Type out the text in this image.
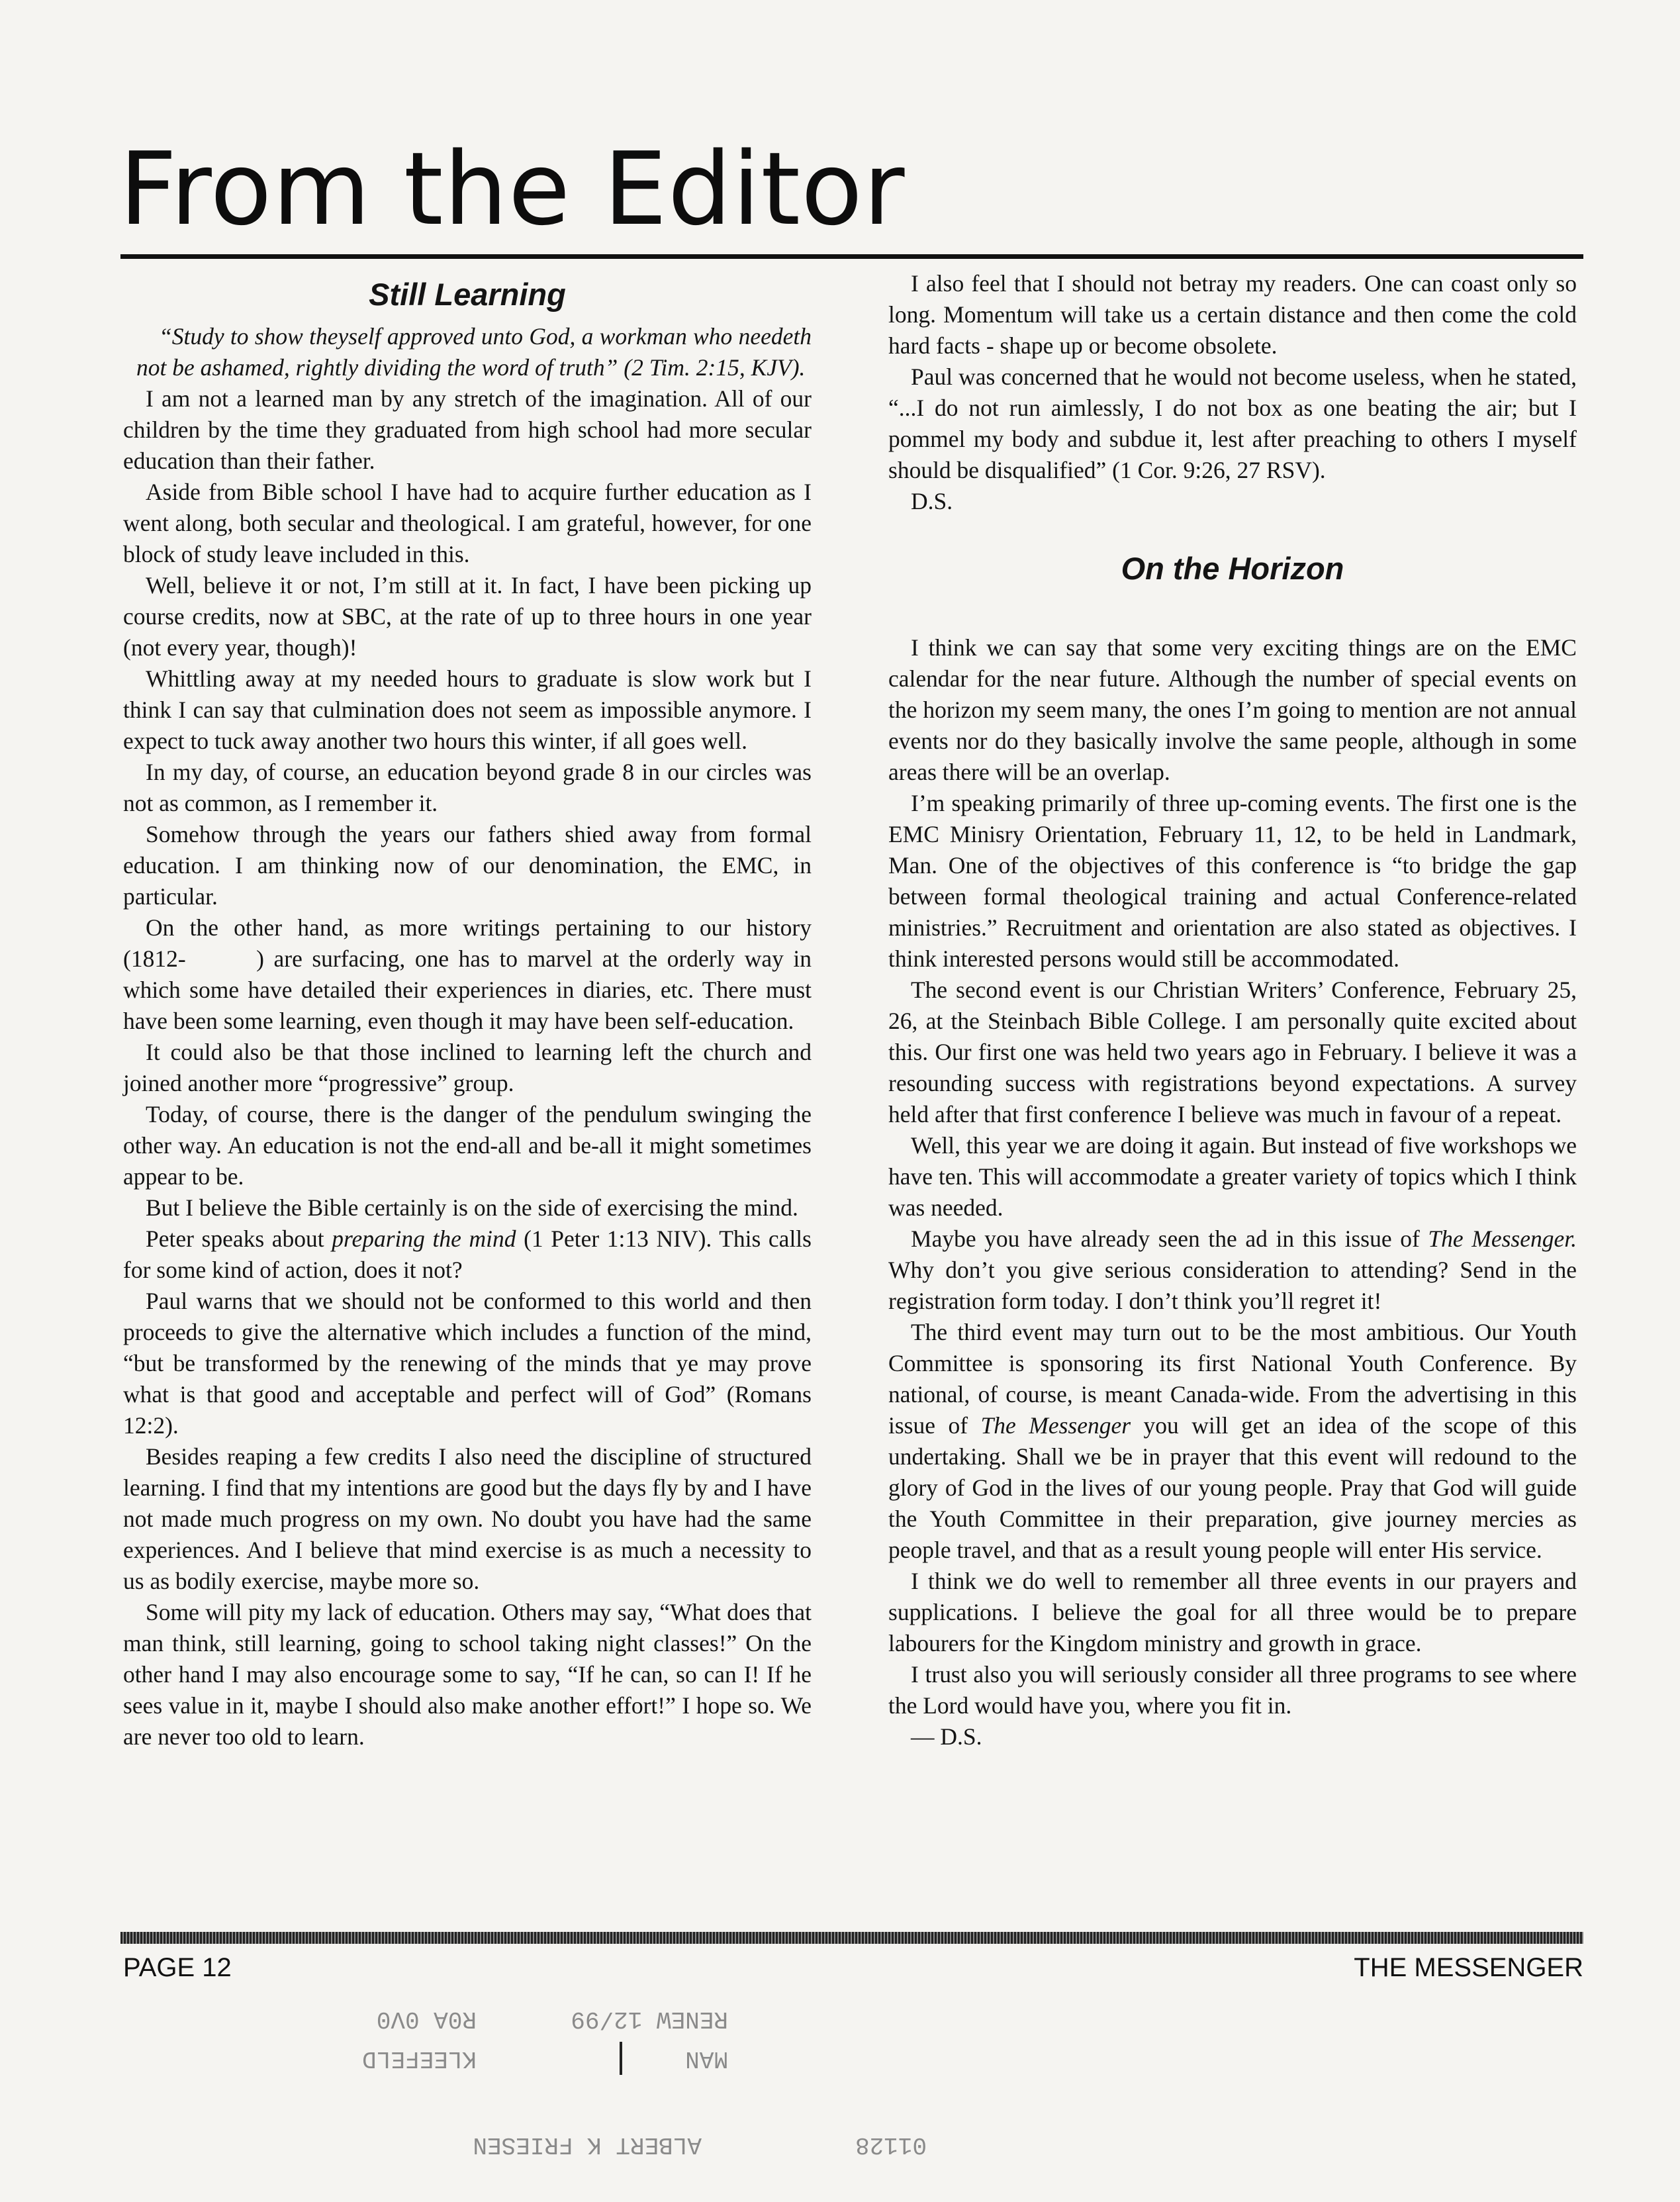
From the Editor
Still Learning

“Study to show theyself approved unto God, a workman who needeth not be ashamed, rightly dividing the word of truth” (2 Tim. 2:15, KJV).

I am not a learned man by any stretch of the imagination. All of our children by the time they graduated from high school had more secular education than their father.

Aside from Bible school I have had to acquire further education as I went along, both secular and theological. I am grateful, however, for one block of study leave included in this.

Well, believe it or not, I’m still at it. In fact, I have been picking up course credits, now at SBC, at the rate of up to three hours in one year (not every year, though)!

Whittling away at my needed hours to graduate is slow work but I think I can say that culmination does not seem as impossible anymore. I expect to tuck away another two hours this winter, if all goes well.

In my day, of course, an education beyond grade 8 in our circles was not as common, as I remember it.

Somehow through the years our fathers shied away from formal education. I am thinking now of our denomination, the EMC, in particular.

On the other hand, as more writings pertaining to our history (1812-   ) are surfacing, one has to marvel at the orderly way in which some have detailed their experiences in diaries, etc. There must have been some learning, even though it may have been self-education.

It could also be that those inclined to learning left the church and joined another more “progressive” group.

Today, of course, there is the danger of the pendulum swinging the other way. An education is not the end-all and be-all it might sometimes appear to be.

But I believe the Bible certainly is on the side of exercising the mind.

Peter speaks about preparing the mind (1 Peter 1:13 NIV). This calls for some kind of action, does it not?

Paul warns that we should not be conformed to this world and then proceeds to give the alternative which includes a function of the mind, “but be transformed by the renewing of the minds that ye may prove what is that good and acceptable and perfect will of God” (Romans 12:2).

Besides reaping a few credits I also need the discipline of structured learning. I find that my intentions are good but the days fly by and I have not made much progress on my own. No doubt you have had the same experiences. And I believe that mind exercise is as much a necessity to us as bodily exercise, maybe more so.

Some will pity my lack of education. Others may say, “What does that man think, still learning, going to school taking night classes!” On the other hand I may also encourage some to say, “If he can, so can I! If he sees value in it, maybe I should also make another effort!” I hope so. We are never too old to learn.

I also feel that I should not betray my readers. One can coast only so long. Momentum will take us a certain distance and then come the cold hard facts - shape up or become obsolete.

Paul was concerned that he would not become useless, when he stated, “...I do not run aimlessly, I do not box as one beating the air; but I pommel my body and subdue it, lest after preaching to others I myself should be disqualified” (1 Cor. 9:26, 27 RSV).

D.S.

On the Horizon

I think we can say that some very exciting things are on the EMC calendar for the near future. Although the number of special events on the horizon my seem many, the ones I’m going to mention are not annual events nor do they basically involve the same people, although in some areas there will be an overlap.

I’m speaking primarily of three up-coming events. The first one is the EMC Minisry Orientation, February 11, 12, to be held in Landmark, Man. One of the objectives of this conference is “to bridge the gap between formal theological training and actual Conference-related ministries.” Recruitment and orientation are also stated as objectives. I think interested persons would still be accommodated.

The second event is our Christian Writers’ Conference, February 25, 26, at the Steinbach Bible College. I am personally quite excited about this. Our first one was held two years ago in February. I believe it was a resounding success with registrations beyond expectations. A survey held after that first conference I believe was much in favour of a repeat.

Well, this year we are doing it again. But instead of five workshops we have ten. This will accommodate a greater variety of topics which I think was needed.

Maybe you have already seen the ad in this issue of The Messenger. Why don’t you give serious consideration to attending? Send in the registration form today. I don’t think you’ll regret it!

The third event may turn out to be the most ambitious. Our Youth Committee is sponsoring its first National Youth Conference. By national, of course, is meant Canada-wide. From the advertising in this issue of The Messenger you will get an idea of the scope of this undertaking. Shall we be in prayer that this event will redound to the glory of God in the lives of our young people. Pray that God will guide the Youth Committee in their preparation, give journey mercies as people travel, and that as a result young people will enter His service.

I think we do well to remember all three events in our prayers and supplications. I believe the goal for all three would be to prepare labourers for the Kingdom ministry and growth in grace.

I trust also you will seriously consider all three programs to see where the Lord would have you, where you fit in.

— D.S.

PAGE 12	THE MESSENGER
01128
ALBERT K FRIESEN
MAN
RENEW 12/99
KLEEFELD
R0A 0V0
